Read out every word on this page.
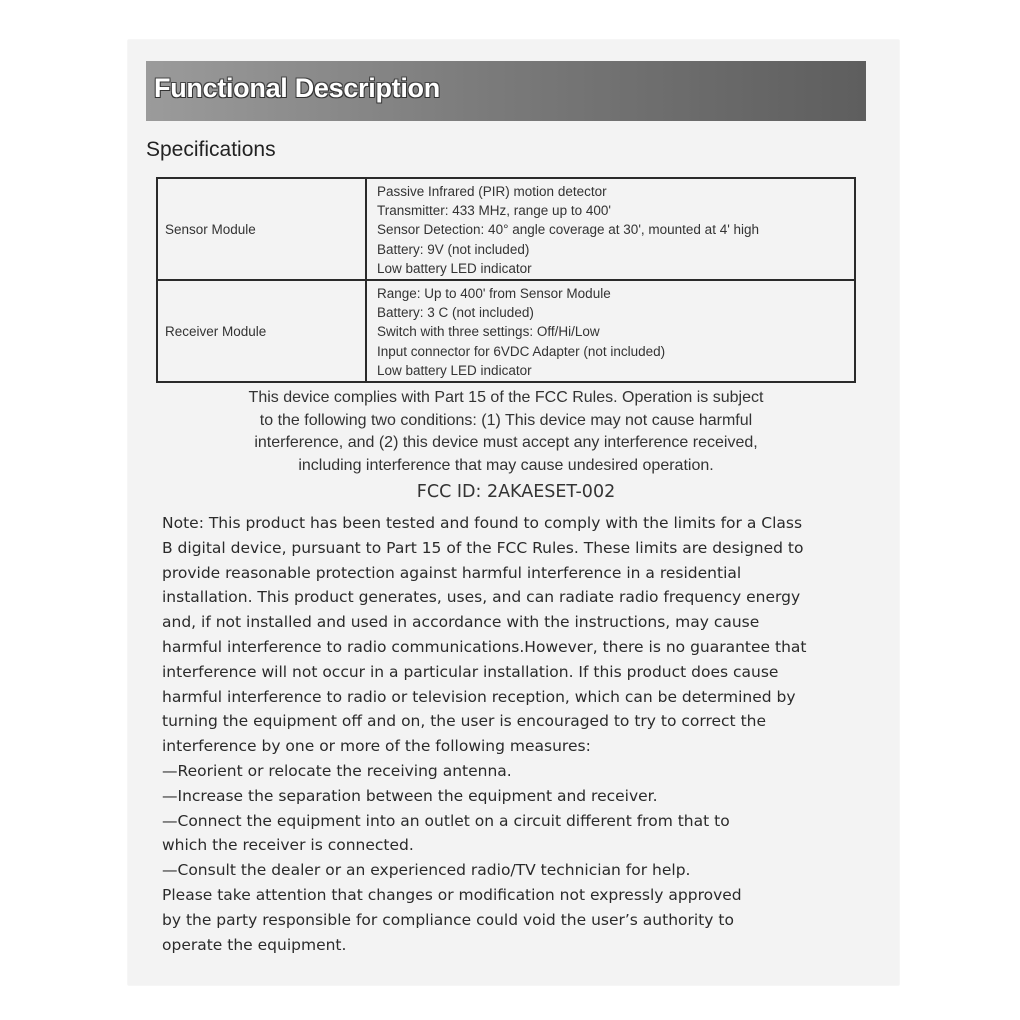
Functional Description
Specifications
Sensor Module	Passive Infrared (PIR) motion detector
Transmitter: 433 MHz, range up to 400'
Sensor Detection: 40° angle coverage at 30', mounted at 4' high
Battery: 9V (not included)
Low battery LED indicator

Receiver Module	Range: Up to 400' from Sensor Module
Battery: 3 C (not included)
Switch with three settings: Off/Hi/Low
Input connector for 6VDC Adapter (not included)
Low battery LED indicator
This device complies with Part 15 of the FCC Rules. Operation is subject
to the following two conditions: (1) This device may not cause harmful
interference, and (2) this device must accept any interference received,
including interference that may cause undesired operation.
FCC ID: 2AKAESET-002
Note: This product has been tested and found to comply with the limits for a Class
B digital device, pursuant to Part 15 of the FCC Rules. These limits are designed to
provide reasonable protection against harmful interference in a residential
installation. This product generates, uses, and can radiate radio frequency energy
and, if not installed and used in accordance with the instructions, may cause
harmful interference to radio communications.However, there is no guarantee that
interference will not occur in a particular installation. If this product does cause
harmful interference to radio or television reception, which can be determined by
turning the equipment off and on, the user is encouraged to try to correct the
interference by one or more of the following measures:
—Reorient or relocate the receiving antenna.
—Increase the separation between the equipment and receiver.
—Connect the equipment into an outlet on a circuit different from that to
which the receiver is connected.
—Consult the dealer or an experienced radio/TV technician for help.
Please take attention that changes or modification not expressly approved
by the party responsible for compliance could void the user’s authority to
operate the equipment.
